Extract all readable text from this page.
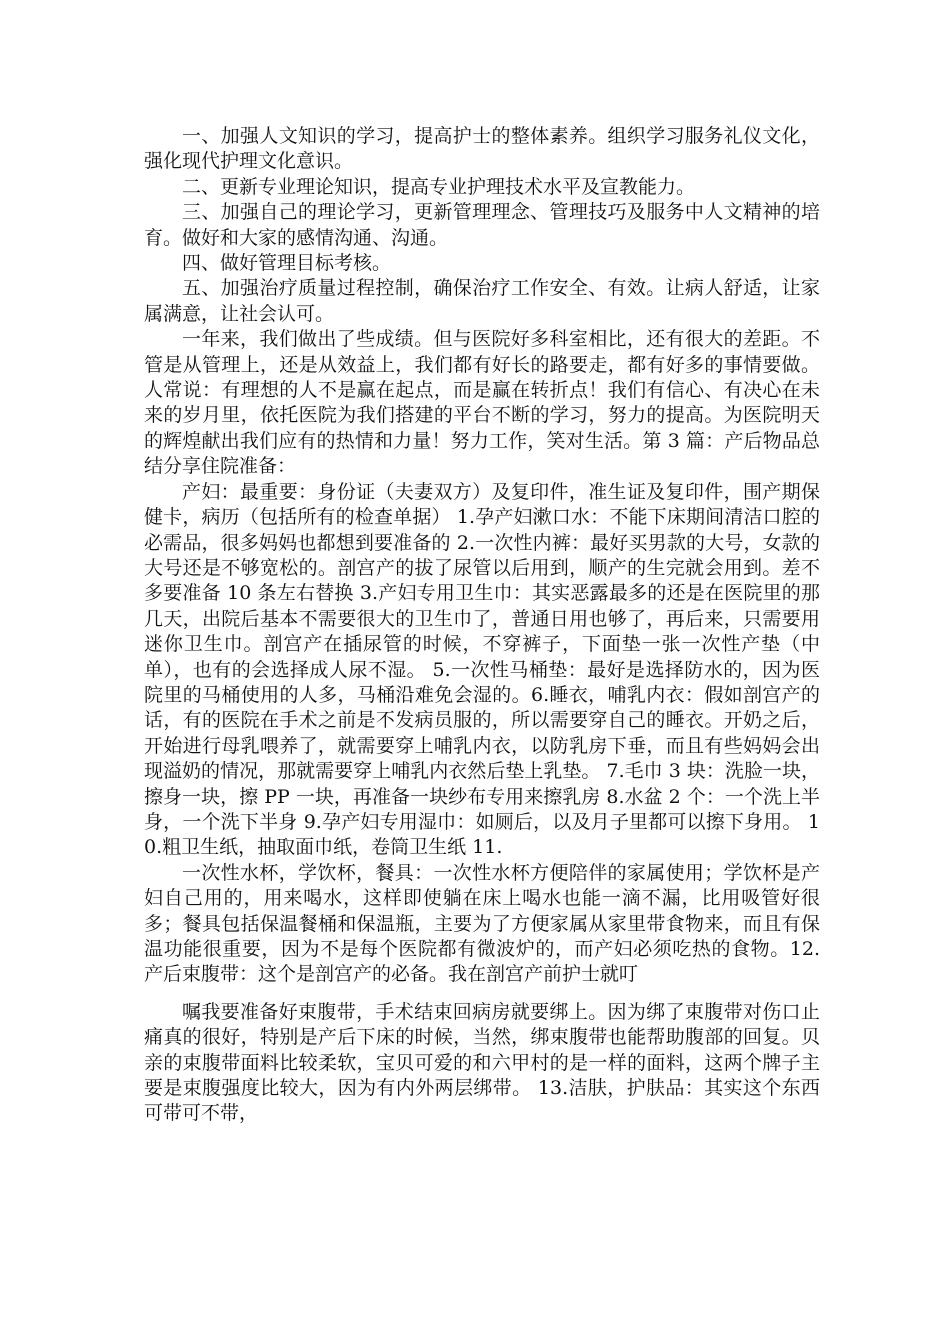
一、加强人文知识的学习，提高护士的整体素养。组织学习服务礼仪文化，强化现代护理文化意识。

二、更新专业理论知识，提高专业护理技术水平及宣教能力。

三、加强自己的理论学习，更新管理理念、管理技巧及服务中人文精神的培育。做好和大家的感情沟通、沟通。

四、做好管理目标考核。

五、加强治疗质量过程控制，确保治疗工作安全、有效。让病人舒适，让家属满意，让社会认可。

一年来，我们做出了些成绩。但与医院好多科室相比，还有很大的差距。不管是从管理上，还是从效益上，我们都有好长的路要走，都有好多的事情要做。人常说：有理想的人不是赢在起点，而是赢在转折点！我们有信心、有决心在未来的岁月里，依托医院为我们搭建的平台不断的学习，努力的提高。为医院明天的辉煌献出我们应有的热情和力量！努力工作，笑对生活。第 3 篇：产后物品总结分享住院准备：

产妇：最重要：身份证（夫妻双方）及复印件，准生证及复印件，围产期保健卡，病历（包括所有的检查单据） 1.孕产妇漱口水：不能下床期间清洁口腔的必需品，很多妈妈也都想到要准备的 2.一次性内裤：最好买男款的大号，女款的大号还是不够宽松的。剖宫产的拔了尿管以后用到，顺产的生完就会用到。差不多要准备 10 条左右替换 3.产妇专用卫生巾：其实恶露最多的还是在医院里的那几天，出院后基本不需要很大的卫生巾了，普通日用也够了，再后来，只需要用迷你卫生巾。剖宫产在插尿管的时候，不穿裤子，下面垫一张一次性产垫（中单），也有的会选择成人尿不湿。 5.一次性马桶垫：最好是选择防水的，因为医院里的马桶使用的人多，马桶沿难免会湿的。6.睡衣，哺乳内衣：假如剖宫产的话，有的医院在手术之前是不发病员服的，所以需要穿自己的睡衣。开奶之后，开始进行母乳喂养了，就需要穿上哺乳内衣，以防乳房下垂，而且有些妈妈会出现溢奶的情况，那就需要穿上哺乳内衣然后垫上乳垫。 7.毛巾 3 块：洗脸一块，擦身一块，擦 PP 一块，再准备一块纱布专用来擦乳房 8.水盆 2 个：一个洗上半身，一个洗下半身 9.孕产妇专用湿巾：如厕后，以及月子里都可以擦下身用。 10.粗卫生纸，抽取面巾纸，卷筒卫生纸 11.

一次性水杯，学饮杯，餐具：一次性水杯方便陪伴的家属使用；学饮杯是产妇自己用的，用来喝水，这样即使躺在床上喝水也能一滴不漏，比用吸管好很多；餐具包括保温餐桶和保温瓶，主要为了方便家属从家里带食物来，而且有保温功能很重要，因为不是每个医院都有微波炉的，而产妇必须吃热的食物。12.产后束腹带：这个是剖宫产的必备。我在剖宫产前护士就叮

嘱我要准备好束腹带，手术结束回病房就要绑上。因为绑了束腹带对伤口止痛真的很好，特别是产后下床的时候，当然，绑束腹带也能帮助腹部的回复。贝亲的束腹带面料比较柔软，宝贝可爱的和六甲村的是一样的面料，这两个牌子主要是束腹强度比较大，因为有内外两层绑带。 13.洁肤，护肤品：其实这个东西可带可不带，
